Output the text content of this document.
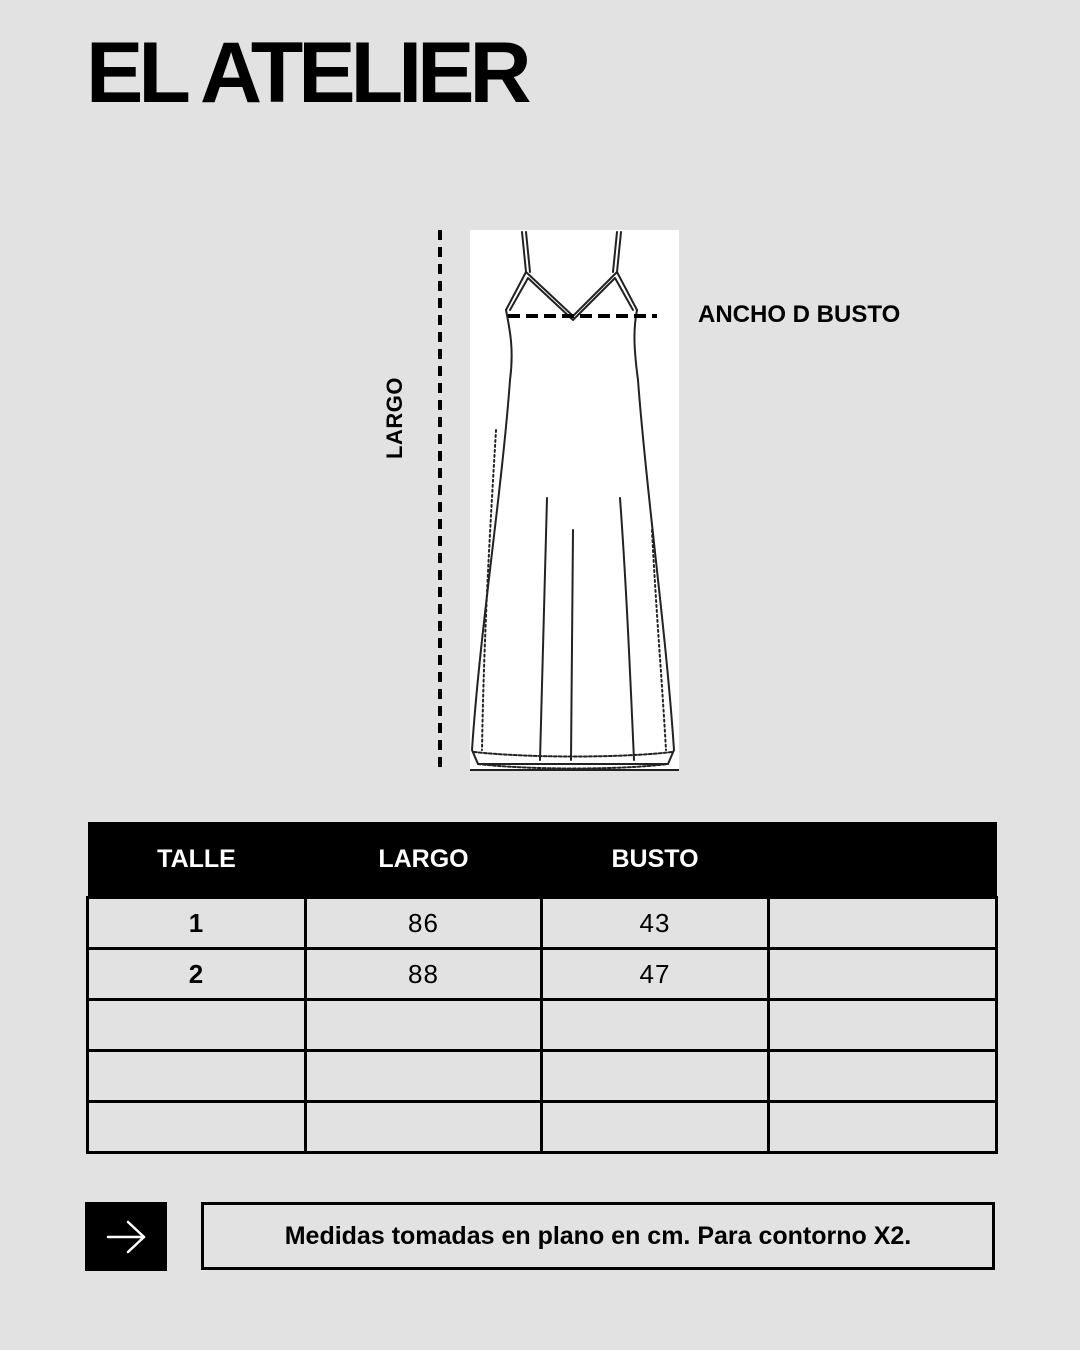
EL ATELIER
LARGO
ANCHO D BUSTO
TALLE	LARGO	BUSTO	
1	86	43	
2	88	47	

Medidas tomadas en plano en cm. Para contorno X2.
